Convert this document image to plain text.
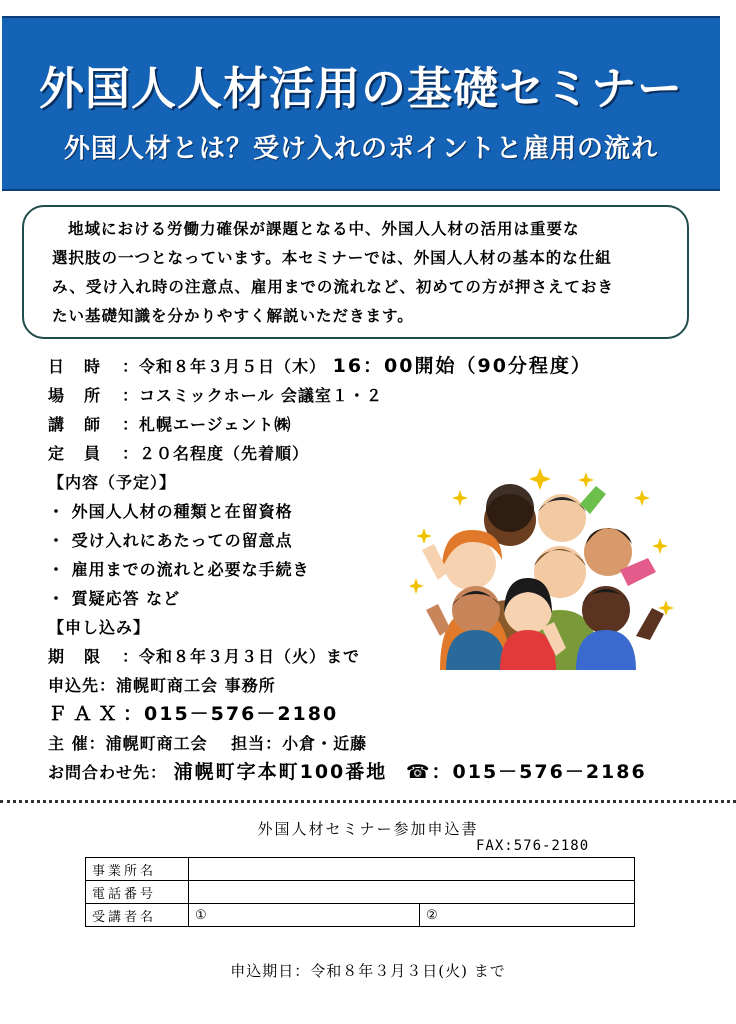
外国人人材活用の基礎セミナー
外国人材とは？受け入れのポイントと雇用の流れ
地域における労働力確保が課題となる中、外国人人材の活用は重要な
選択肢の一つとなっています。本セミナーでは、外国人人材の基本的な仕組
み、受け入れ時の注意点、雇用までの流れなど、初めての方が押さえておき
たい基礎知識を分かりやすく解説いただきます。
日 時 ：令和８年３月５日（木） 16：00開始（90分程度）
場 所 ：コスミックホール 会議室１・２
講 師 ：札幌エージェント㈱
定 員 ：２０名程度（先着順）
【内容（予定）】
・ 外国人人材の種類と在留資格
・ 受け入れにあたっての留意点
・ 雇用までの流れと必要な手続き
・ 質疑応答 など
【申し込み】
期 限 ：令和８年３月３日（火）まで
申込先：浦幌町商工会 事務所
ＦＡＸ：015－576－2180
主 催：浦幌町商工会　 担当：小倉・近藤
お問合わせ先： 浦幌町字本町100番地 ☎：015－576－2186
外国人材セミナー参加申込書
FAX:576-2180
事業所名		
電話番号		
受講者名	①	②
申込期日：令和８年３月３日(火) まで
